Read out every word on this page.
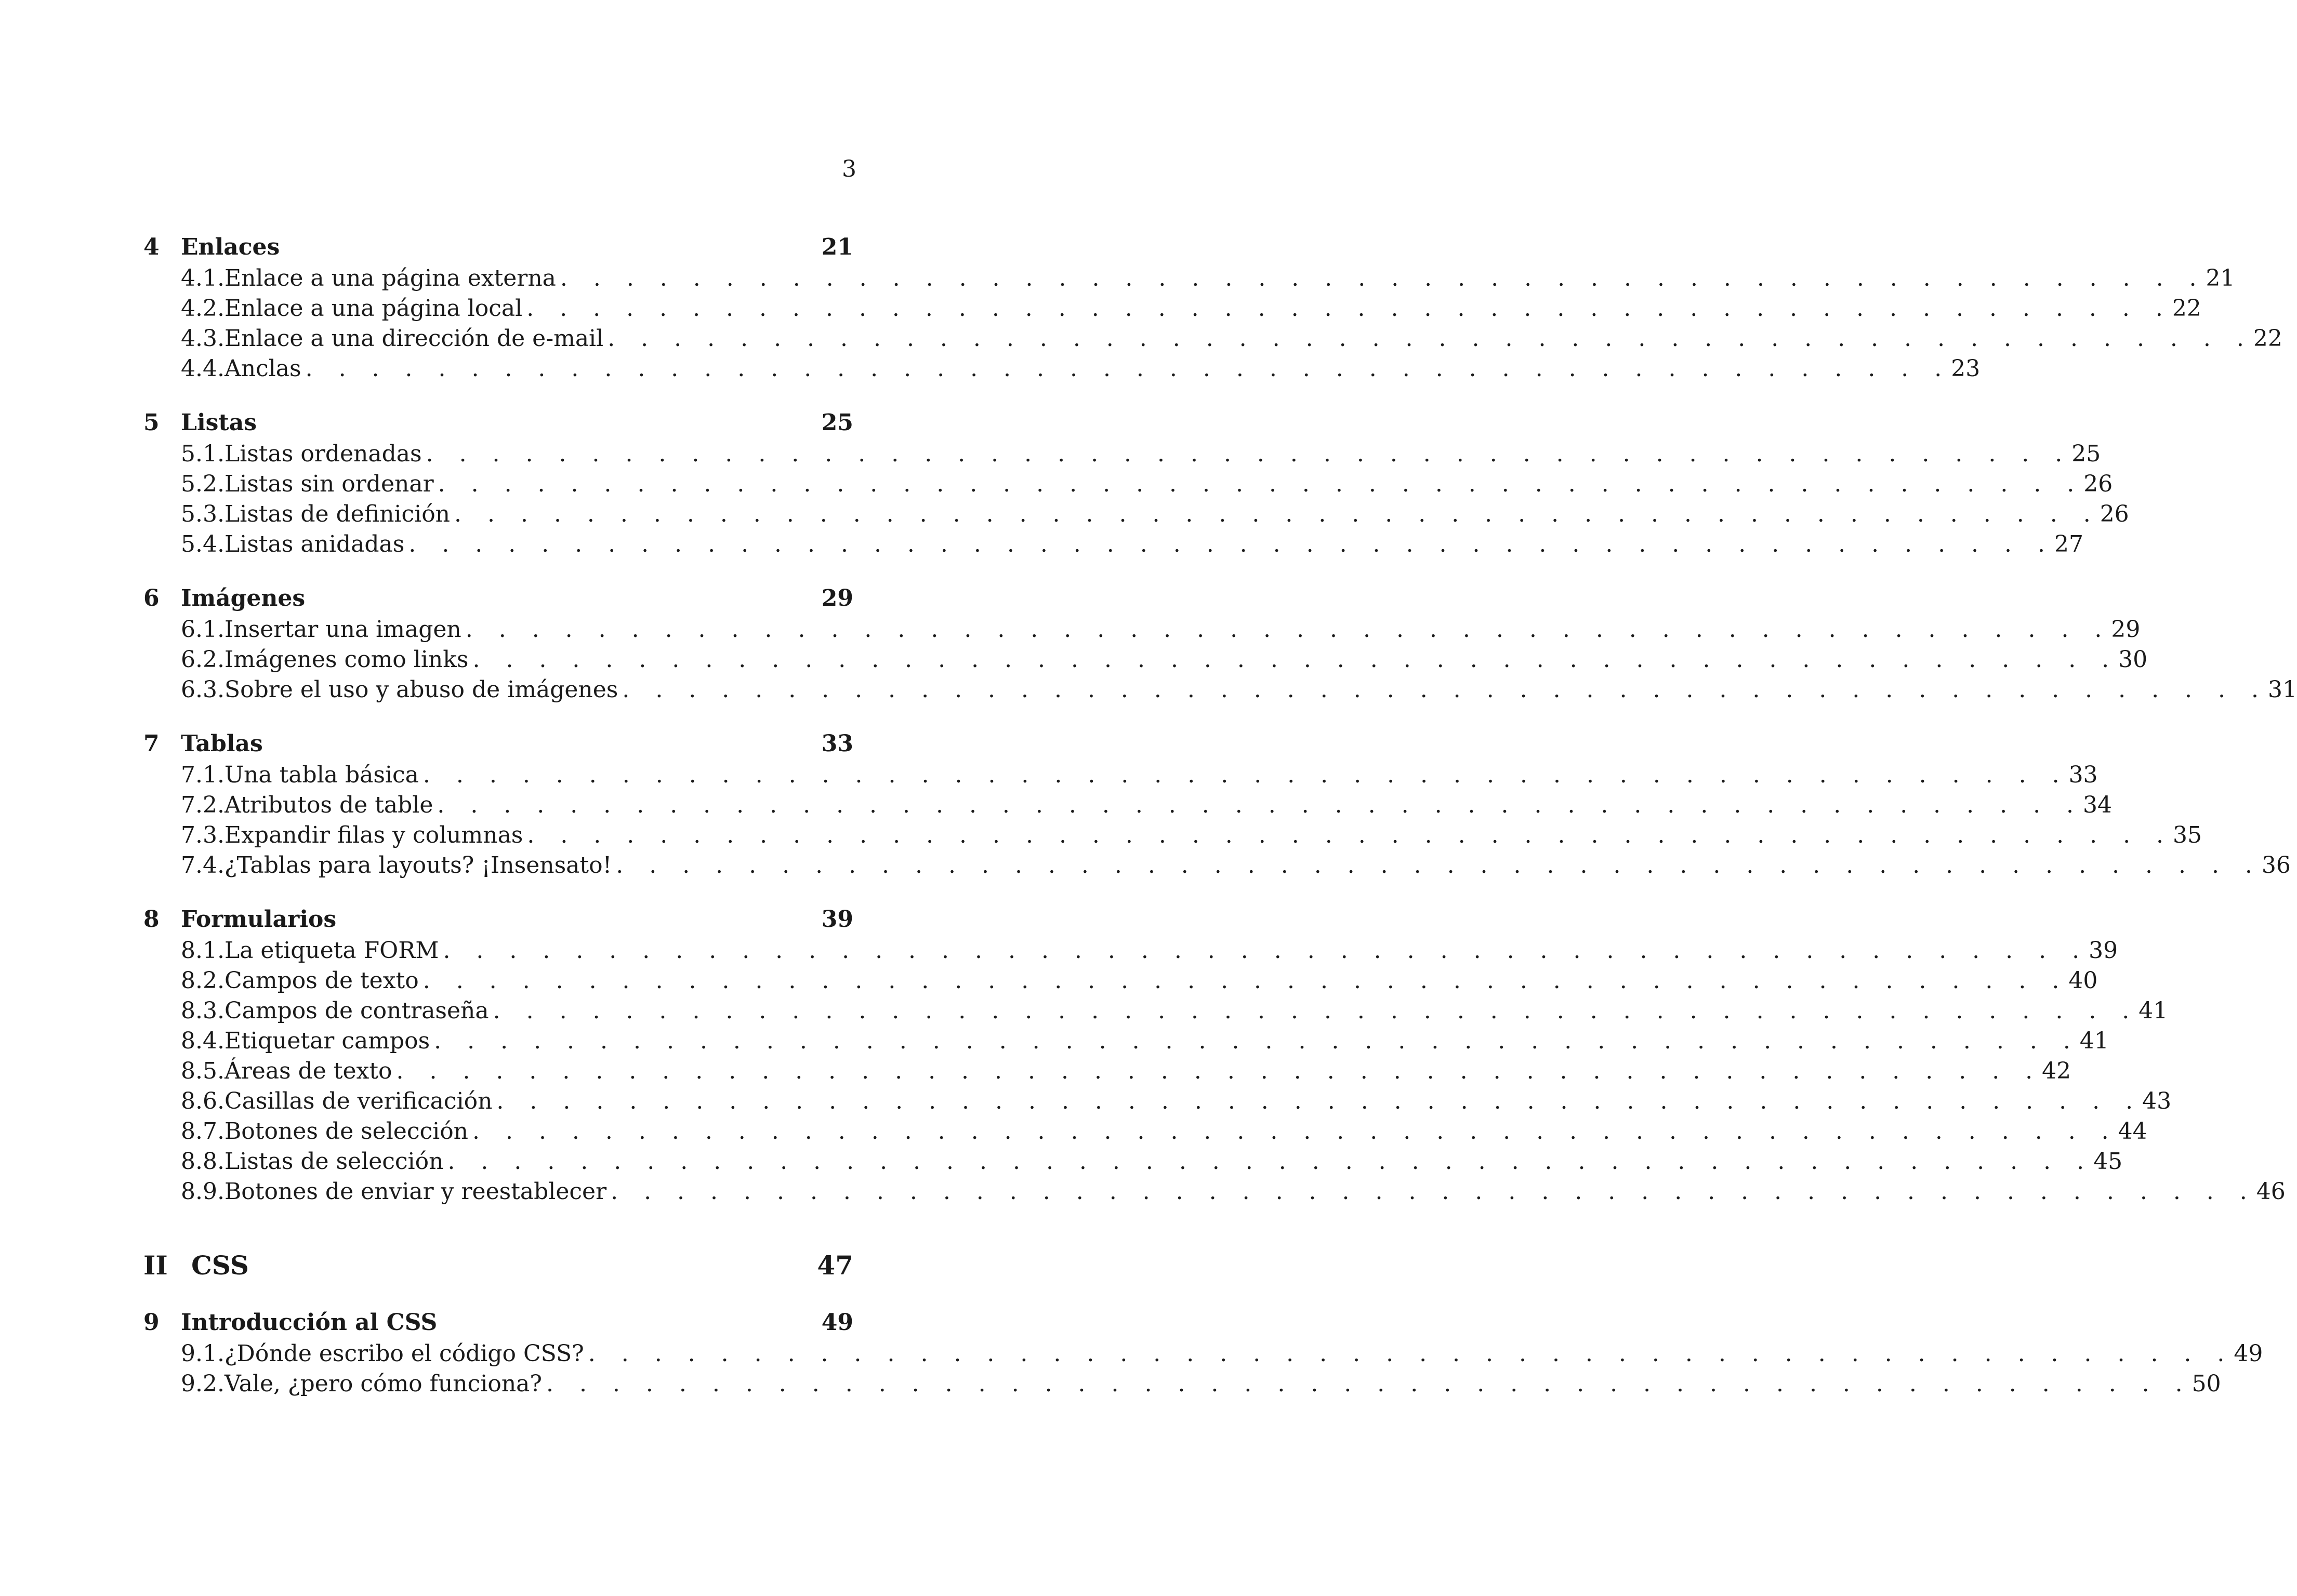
3
4 Enlaces	21
4.1. Enlace a una página externa . . . . . . . . . . . . . . . . . . . . . . . . . . . . . . . . . . . . . . . . . . . . . . . . . . 21
4.2. Enlace a una página local . . . . . . . . . . . . . . . . . . . . . . . . . . . . . . . . . . . . . . . . . . . . . . . . . . 22
4.3. Enlace a una dirección de e-mail . . . . . . . . . . . . . . . . . . . . . . . . . . . . . . . . . . . . . . . . . . . . . . . . . . 22
4.4. Anclas . . . . . . . . . . . . . . . . . . . . . . . . . . . . . . . . . . . . . . . . . . . . . . . . . . 23
5 Listas	25
5.1. Listas ordenadas . . . . . . . . . . . . . . . . . . . . . . . . . . . . . . . . . . . . . . . . . . . . . . . . . . 25
5.2. Listas sin ordenar . . . . . . . . . . . . . . . . . . . . . . . . . . . . . . . . . . . . . . . . . . . . . . . . . . 26
5.3. Listas de definición . . . . . . . . . . . . . . . . . . . . . . . . . . . . . . . . . . . . . . . . . . . . . . . . . . 26
5.4. Listas anidadas . . . . . . . . . . . . . . . . . . . . . . . . . . . . . . . . . . . . . . . . . . . . . . . . . . 27
6 Imágenes	29
6.1. Insertar una imagen . . . . . . . . . . . . . . . . . . . . . . . . . . . . . . . . . . . . . . . . . . . . . . . . . . 29
6.2. Imágenes como links . . . . . . . . . . . . . . . . . . . . . . . . . . . . . . . . . . . . . . . . . . . . . . . . . . 30
6.3. Sobre el uso y abuso de imágenes . . . . . . . . . . . . . . . . . . . . . . . . . . . . . . . . . . . . . . . . . . . . . . . . . . 31
7 Tablas	33
7.1. Una tabla básica . . . . . . . . . . . . . . . . . . . . . . . . . . . . . . . . . . . . . . . . . . . . . . . . . . 33
7.2. Atributos de table . . . . . . . . . . . . . . . . . . . . . . . . . . . . . . . . . . . . . . . . . . . . . . . . . . 34
7.3. Expandir filas y columnas . . . . . . . . . . . . . . . . . . . . . . . . . . . . . . . . . . . . . . . . . . . . . . . . . . 35
7.4. ¿Tablas para layouts? ¡Insensato! . . . . . . . . . . . . . . . . . . . . . . . . . . . . . . . . . . . . . . . . . . . . . . . . . . 36
8 Formularios	39
8.1. La etiqueta FORM . . . . . . . . . . . . . . . . . . . . . . . . . . . . . . . . . . . . . . . . . . . . . . . . . . 39
8.2. Campos de texto . . . . . . . . . . . . . . . . . . . . . . . . . . . . . . . . . . . . . . . . . . . . . . . . . . 40
8.3. Campos de contraseña . . . . . . . . . . . . . . . . . . . . . . . . . . . . . . . . . . . . . . . . . . . . . . . . . . 41
8.4. Etiquetar campos . . . . . . . . . . . . . . . . . . . . . . . . . . . . . . . . . . . . . . . . . . . . . . . . . . 41
8.5. Áreas de texto . . . . . . . . . . . . . . . . . . . . . . . . . . . . . . . . . . . . . . . . . . . . . . . . . . 42
8.6. Casillas de verificación . . . . . . . . . . . . . . . . . . . . . . . . . . . . . . . . . . . . . . . . . . . . . . . . . . 43
8.7. Botones de selección . . . . . . . . . . . . . . . . . . . . . . . . . . . . . . . . . . . . . . . . . . . . . . . . . . 44
8.8. Listas de selección . . . . . . . . . . . . . . . . . . . . . . . . . . . . . . . . . . . . . . . . . . . . . . . . . . 45
8.9. Botones de enviar y reestablecer . . . . . . . . . . . . . . . . . . . . . . . . . . . . . . . . . . . . . . . . . . . . . . . . . . 46
II CSS	47
9 Introducción al CSS	49
9.1. ¿Dónde escribo el código CSS? . . . . . . . . . . . . . . . . . . . . . . . . . . . . . . . . . . . . . . . . . . . . . . . . . . 49
9.2. Vale, ¿pero cómo funciona? . . . . . . . . . . . . . . . . . . . . . . . . . . . . . . . . . . . . . . . . . . . . . . . . . . 50
